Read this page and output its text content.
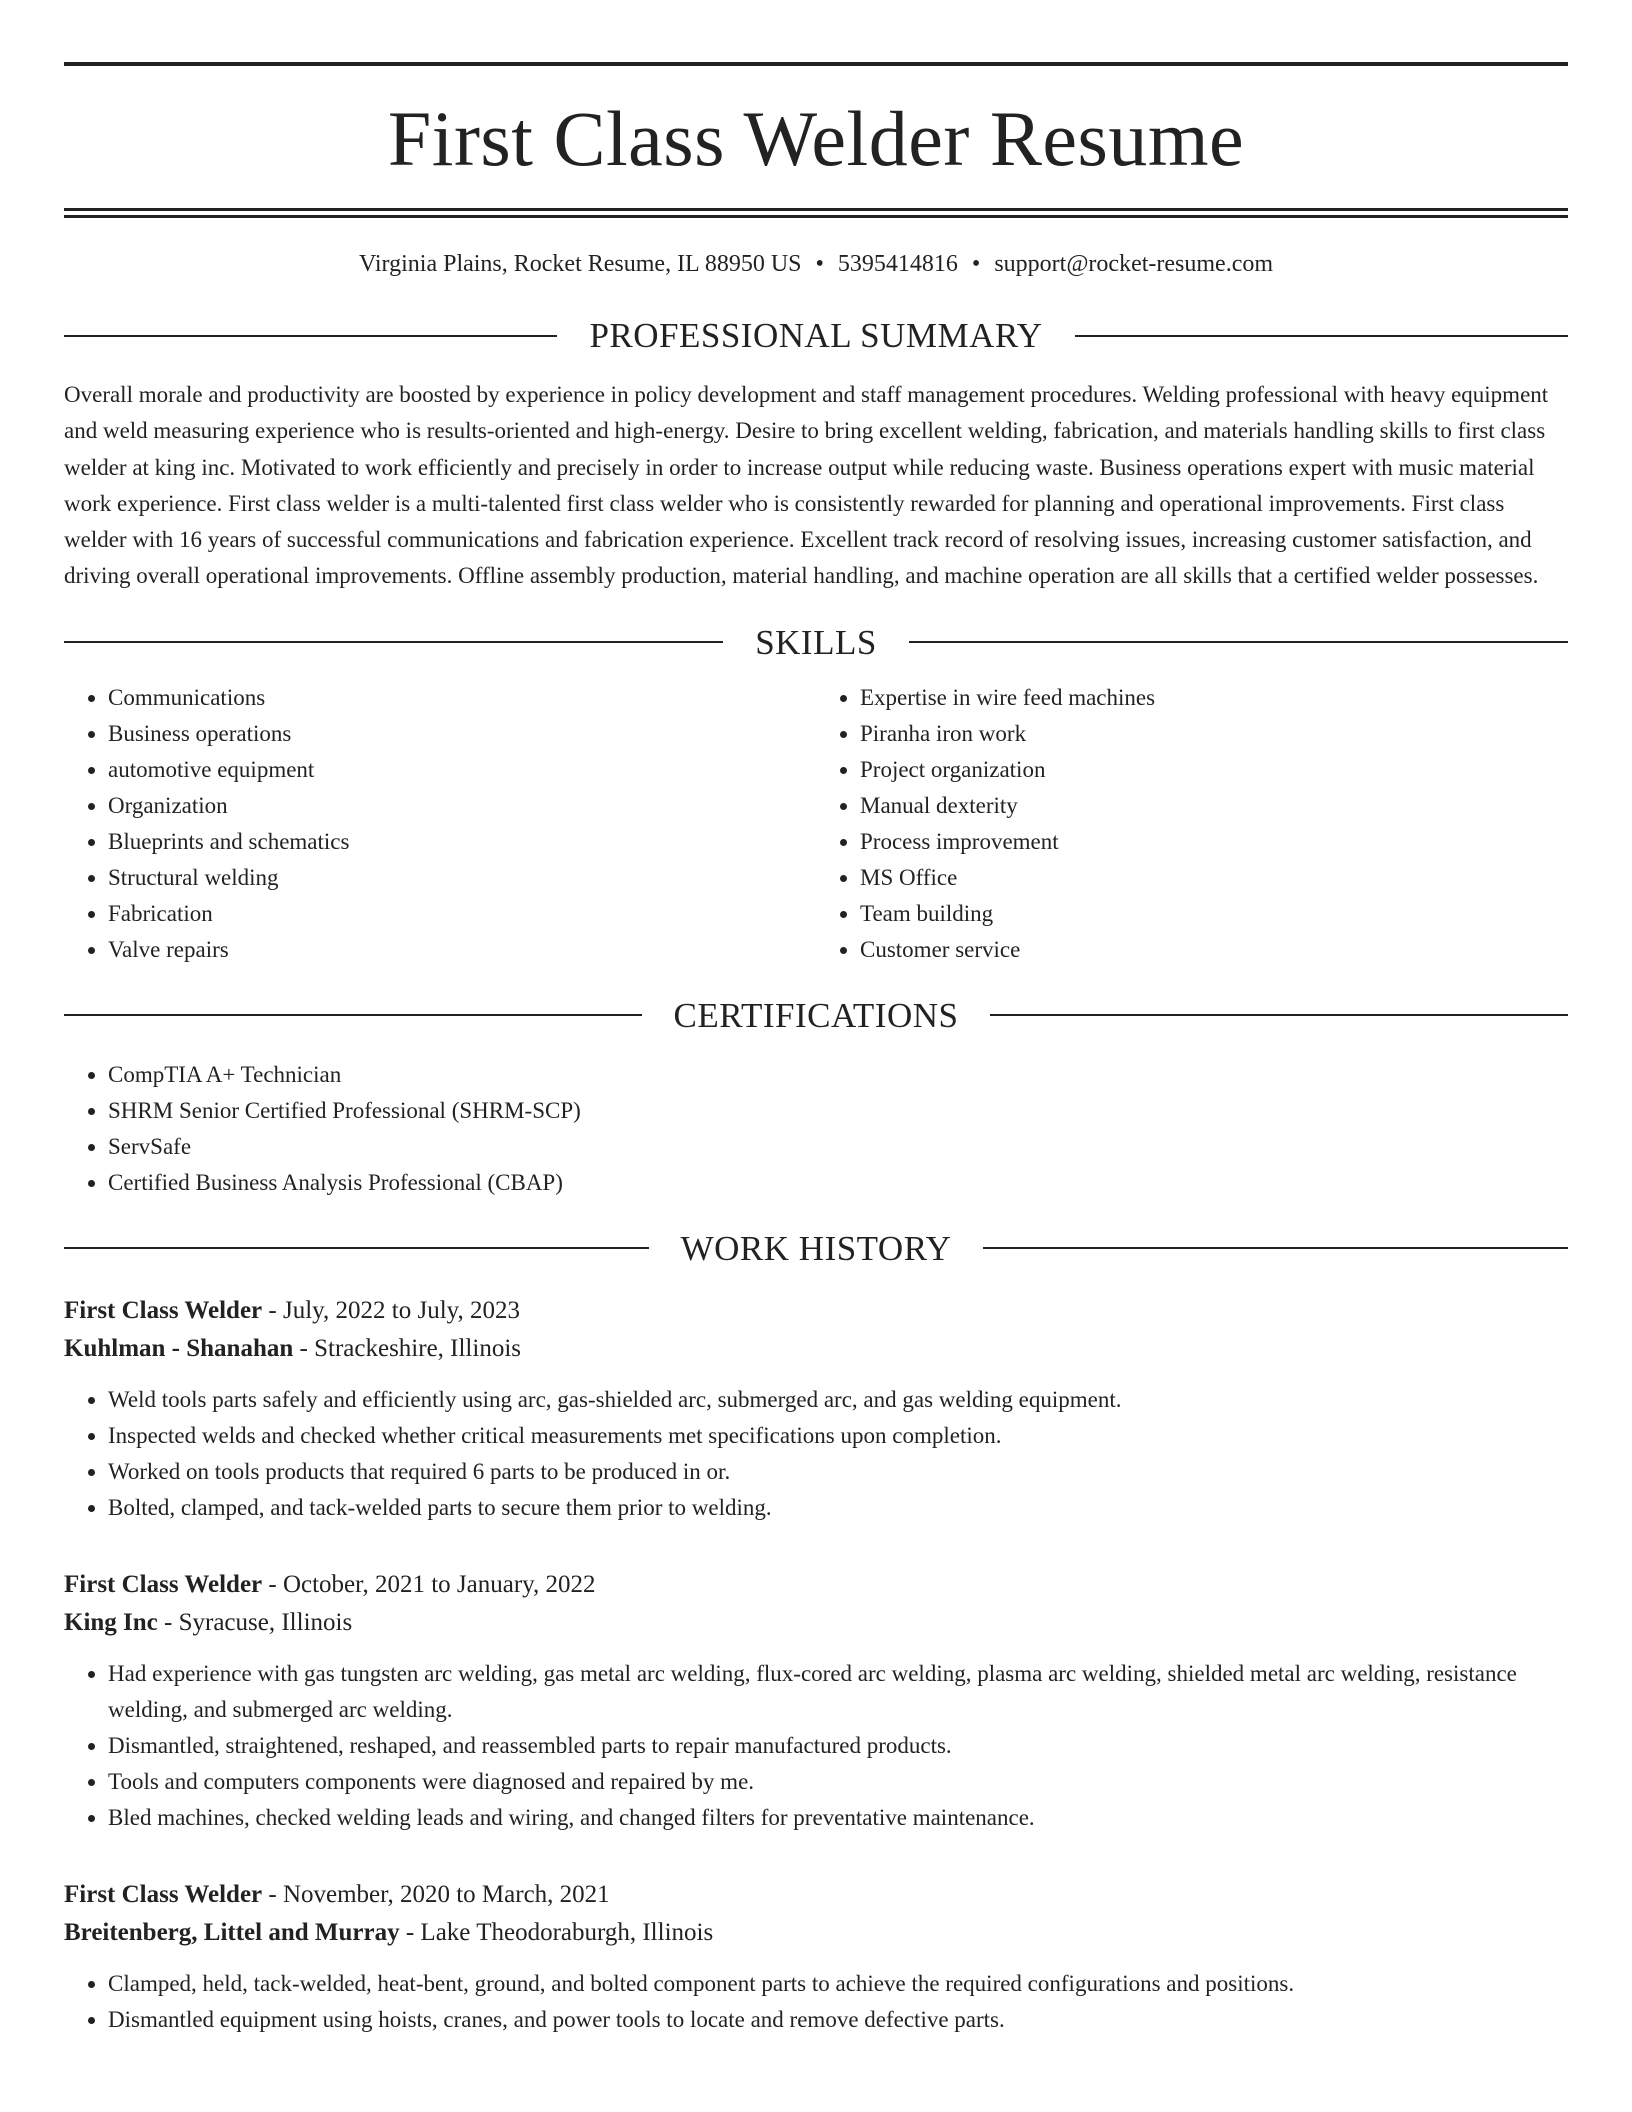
First Class Welder Resume
Virginia Plains, Rocket Resume, IL 88950 US • 5395414816 • support@rocket-resume.com
PROFESSIONAL SUMMARY

Overall morale and productivity are boosted by experience in policy development and staff management procedures. Welding professional with heavy equipment and weld measuring experience who is results-oriented and high-energy. Desire to bring excellent welding, fabrication, and materials handling skills to first class welder at king inc. Motivated to work efficiently and precisely in order to increase output while reducing waste. Business operations expert with music material work experience. First class welder is a multi-talented first class welder who is consistently rewarded for planning and operational improvements. First class welder with 16 years of successful communications and fabrication experience. Excellent track record of resolving issues, increasing customer satisfaction, and driving overall operational improvements. Offline assembly production, material handling, and machine operation are all skills that a certified welder possesses.

SKILLS
• Communications
• Business operations
• automotive equipment
• Organization
• Blueprints and schematics
• Structural welding
• Fabrication
• Valve repairs
• Expertise in wire feed machines
• Piranha iron work
• Project organization
• Manual dexterity
• Process improvement
• MS Office
• Team building
• Customer service
CERTIFICATIONS
• CompTIA A+ Technician
• SHRM Senior Certified Professional (SHRM-SCP)
• ServSafe
• Certified Business Analysis Professional (CBAP)
WORK HISTORY
First Class Welder - July, 2022 to July, 2023
Kuhlman - Shanahan - Strackeshire, Illinois
• Weld tools parts safely and efficiently using arc, gas-shielded arc, submerged arc, and gas welding equipment.
• Inspected welds and checked whether critical measurements met specifications upon completion.
• Worked on tools products that required 6 parts to be produced in or.
• Bolted, clamped, and tack-welded parts to secure them prior to welding.
First Class Welder - October, 2021 to January, 2022
King Inc - Syracuse, Illinois
• Had experience with gas tungsten arc welding, gas metal arc welding, flux-cored arc welding, plasma arc welding, shielded metal arc welding, resistance welding, and submerged arc welding.
• Dismantled, straightened, reshaped, and reassembled parts to repair manufactured products.
• Tools and computers components were diagnosed and repaired by me.
• Bled machines, checked welding leads and wiring, and changed filters for preventative maintenance.
First Class Welder - November, 2020 to March, 2021
Breitenberg, Littel and Murray - Lake Theodoraburgh, Illinois
• Clamped, held, tack-welded, heat-bent, ground, and bolted component parts to achieve the required configurations and positions.
• Dismantled equipment using hoists, cranes, and power tools to locate and remove defective parts.
